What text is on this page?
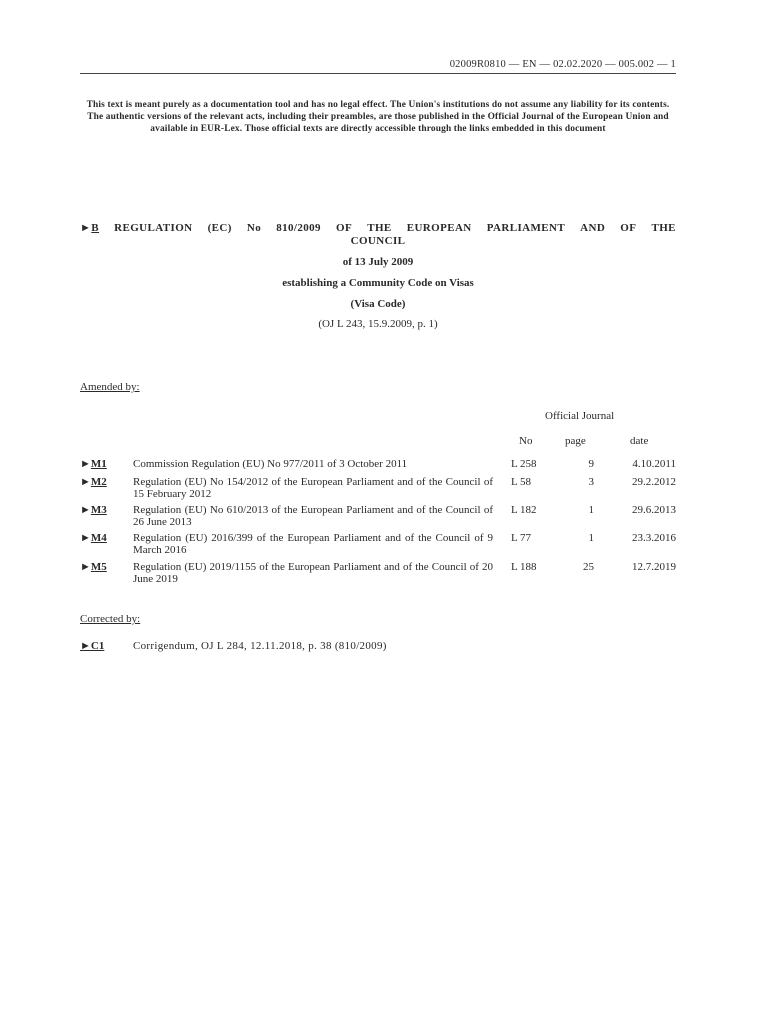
02009R0810 — EN — 02.02.2020 — 005.002 — 1
This text is meant purely as a documentation tool and has no legal effect. The Union's institutions do not assume any liability for its contents. The authentic versions of the relevant acts, including their preambles, are those published in the Official Journal of the European Union and available in EUR-Lex. Those official texts are directly accessible through the links embedded in this document
►B REGULATION (EC) No 810/2009 OF THE EUROPEAN PARLIAMENT AND OF THE
COUNCIL
of 13 July 2009
establishing a Community Code on Visas
(Visa Code)
(OJ L 243, 15.9.2009, p. 1)
Amended by:
Official Journal
No	page	date
►M1 Commission Regulation (EU) No 977/2011 of 3 October 2011	L 258	9	4.10.2011
►M2 Regulation (EU) No 154/2012 of the European Parliament and of the Council of 15 February 2012
L 58	3	29.2.2012
►M3 Regulation (EU) No 610/2013 of the European Parliament and of the Council of 26 June 2013
L 182	1	29.6.2013
►M4 Regulation (EU) 2016/399 of the European Parliament and of the Council of 9 March 2016
L 77	1	23.3.2016
►M5 Regulation (EU) 2019/1155 of the European Parliament and of the Council of 20 June 2019
L 188	25	12.7.2019
Corrected by:
►C1	Corrigendum, OJ L 284, 12.11.2018, p. 38 (810/2009)
